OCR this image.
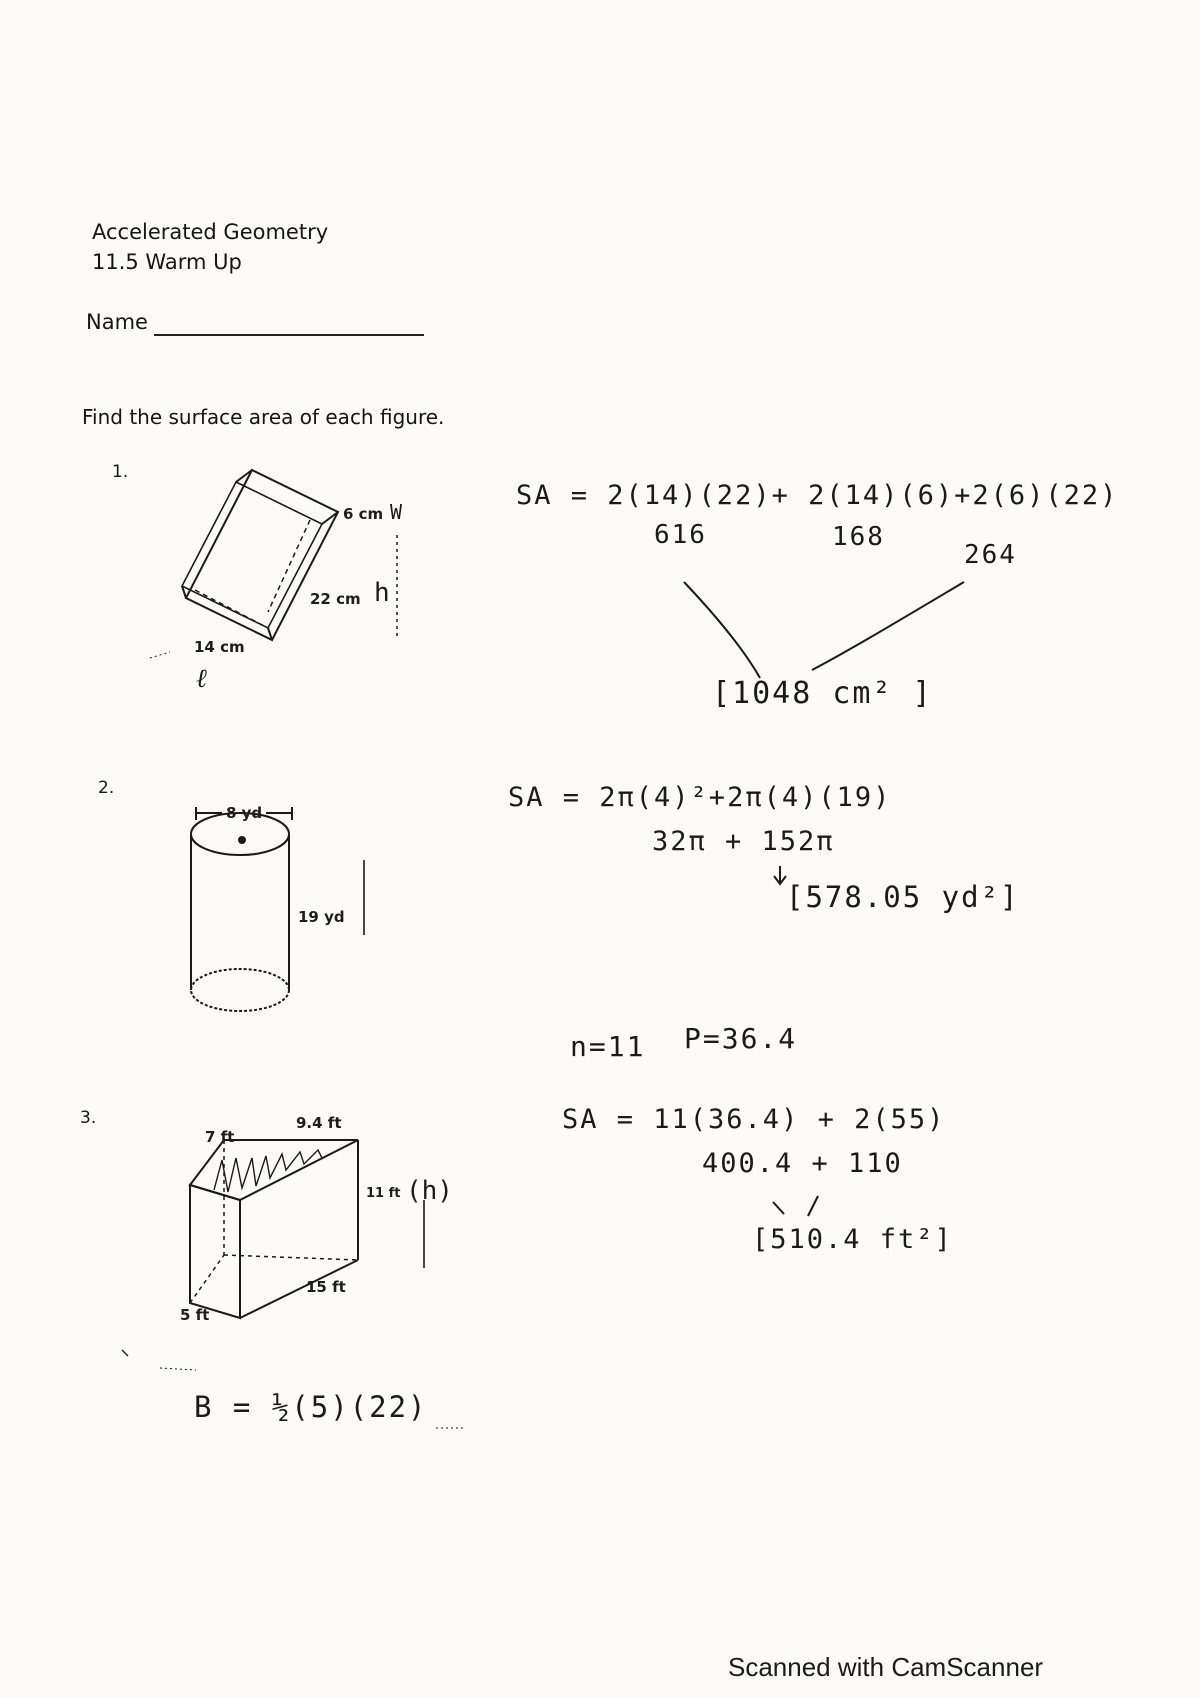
Accelerated Geometry
11.5 Warm Up
Name
Find the surface area of each figure.
1.
2.
3.
6 cm
22 cm
14 cm
W
h
ℓ
8 yd
19 yd
7 ft
9.4 ft
11 ft (h)
15 ft
5 ft
SA = 2(14)(22)+ 2(14)(6)+2(6)(22)
616	168
264
[1048 cm² ]
SA = 2π(4)²+2π(4)(19)
32π + 152π
[578.05 yd²]
n=11 P=36.4
SA = 11(36.4) + 2(55)
400.4 + 110
[510.4 ft²]
B = ½(5)(22)
Scanned with CamScanner
